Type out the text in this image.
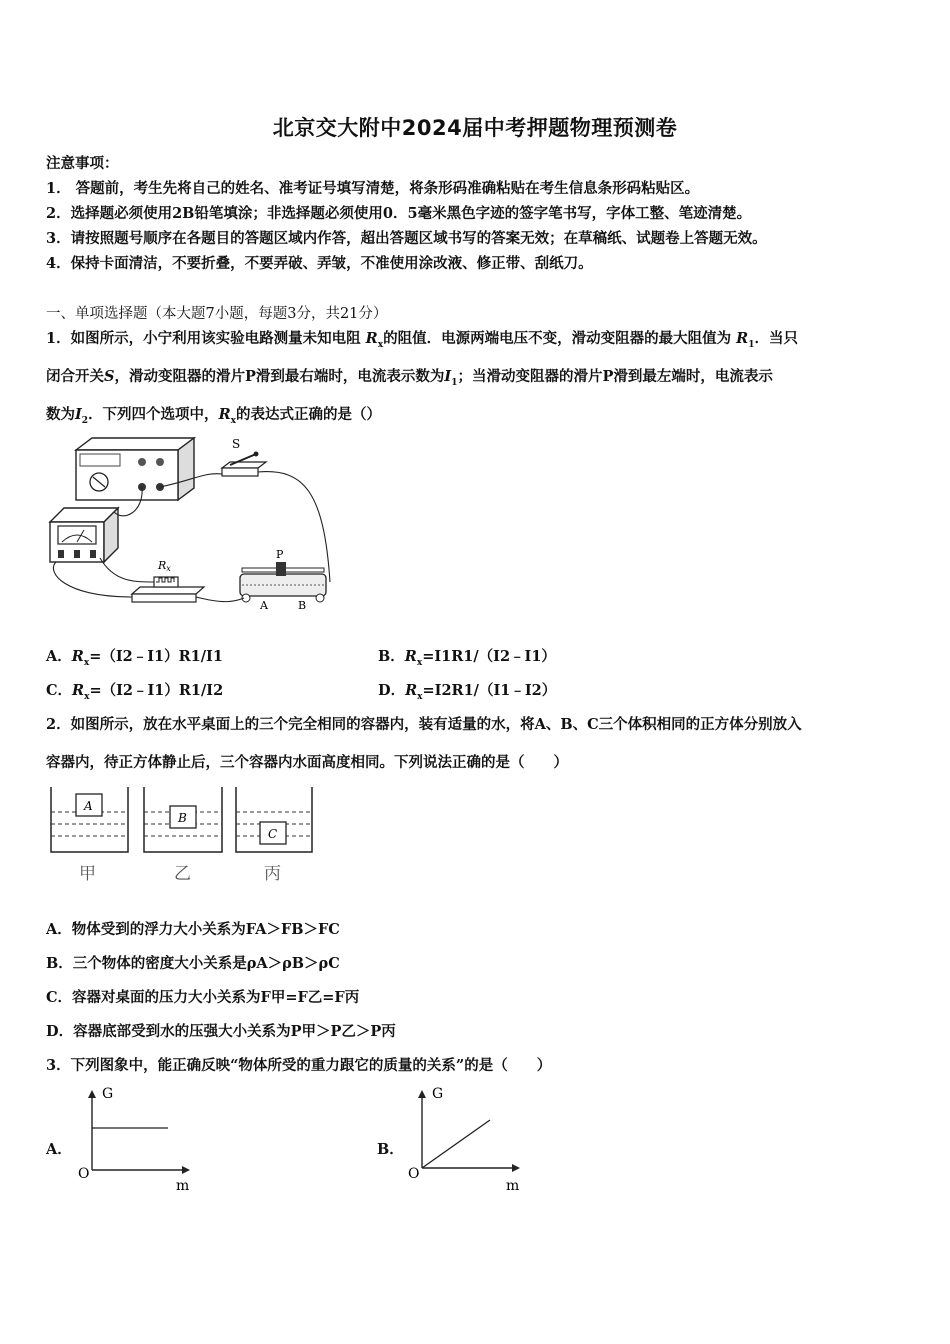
北京交大附中2024届中考押题物理预测卷
注意事项：
1． 答题前，考生先将自己的姓名、准考证号填写清楚，将条形码准确粘贴在考生信息条形码粘贴区。
2．选择题必须使用2B铅笔填涂；非选择题必须使用0．5毫米黑色字迹的签字笔书写，字体工整、笔迹清楚。
3．请按照题号顺序在各题目的答题区域内作答，超出答题区域书写的答案无效；在草稿纸、试题卷上答题无效。
4．保持卡面清洁，不要折叠，不要弄破、弄皱，不准使用涂改液、修正带、刮纸刀。
一、单项选择题（本大题7小题，每题3分，共21分）
1．如图所示，小宁利用该实验电路测量未知电阻 $R_x$的阻值．电源两端电压不变，滑动变阻器的最大阻值为 $R_1$．当只
闭合开关S，滑动变阻器的滑片P滑到最右端时，电流表示数为$I_1$；当滑动变阻器的滑片P滑到最左端时，电流表示
数为$I_2$．下列四个选项中，$R_x$的表达式正确的是（）
S
Rx
P
A	B
A．$R_x=(I2﹣I1)R1/I1$	B．$R_x=I1R1/(I2﹣I1)$
C．$R_x=(I2﹣I1)R1/I2$	D．$R_x=I2R1/(I1﹣I2)$
2．如图所示，放在水平桌面上的三个完全相同的容器内，装有适量的水，将A、B、C三个体积相同的正方体分别放入
容器内，待正方体静止后，三个容器内水面高度相同。下列说法正确的是（　　）
A
甲
B
乙
C
丙
A．物体受到的浮力大小关系为FA＞FB＞FC
B．三个物体的密度大小关系是ρA＞ρB＞ρC
C．容器对桌面的压力大小关系为F甲=F乙=F丙
D．容器底部受到水的压强大小关系为P甲＞P乙＞P丙
3．下列图象中，能正确反映“物体所受的重力跟它的质量的关系”的是（　　）
A．
G
O
m
B．
G
O
m
